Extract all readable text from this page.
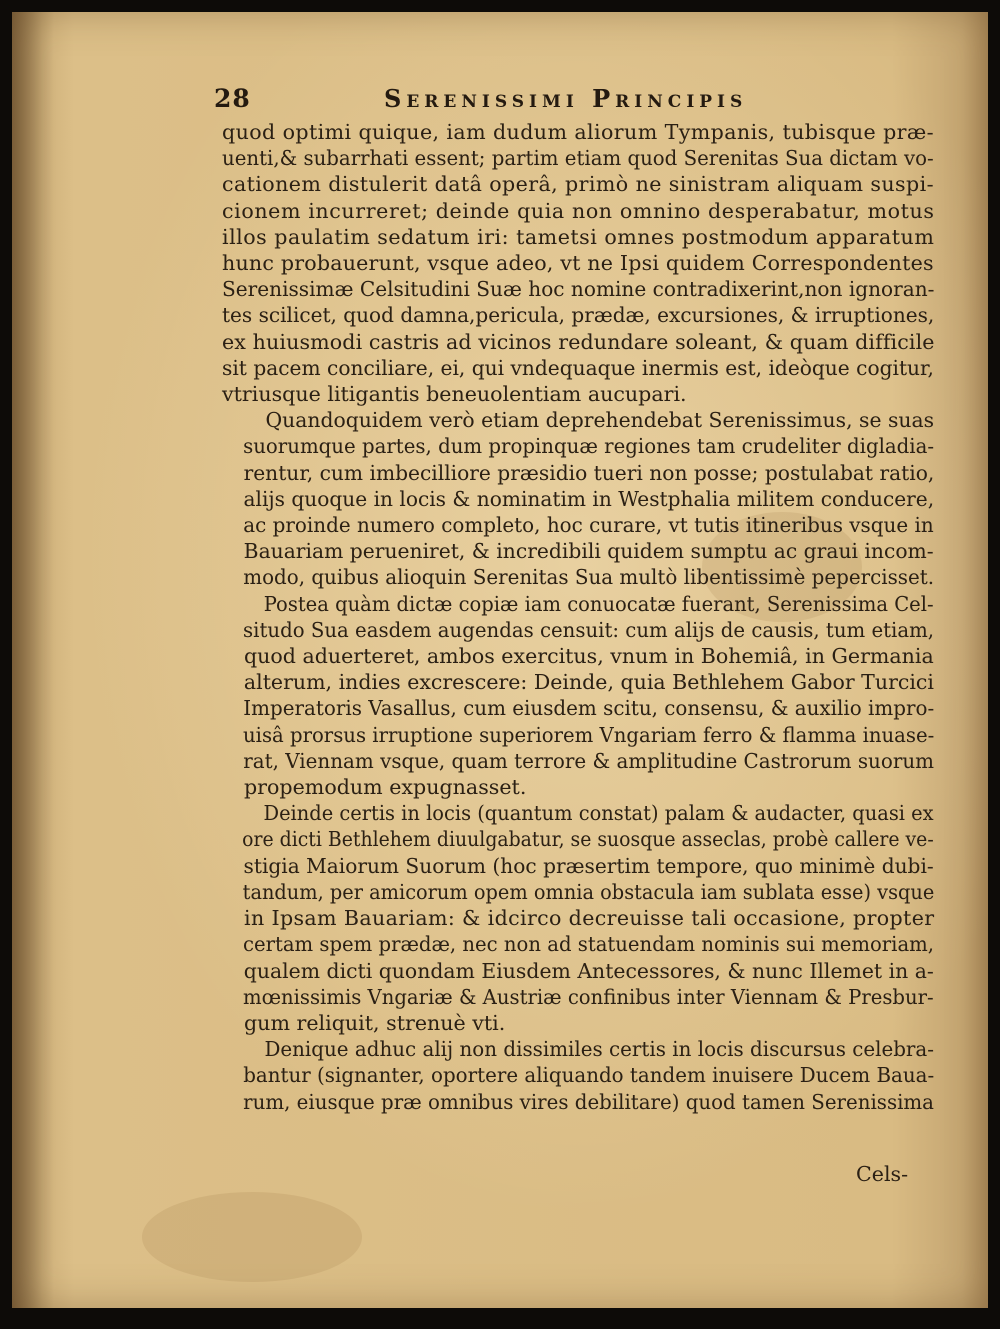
28	Serenissimi Principis

quod optimi quique, iam dudum aliorum Tympanis, tubisque præ-
uenti,& subarrhati essent; partim etiam quod Serenitas Sua dictam vo-
cationem distulerit datâ operâ, primò ne sinistram aliquam suspi-
cionem incurreret; deinde quia non omnino desperabatur, motus
illos paulatim sedatum iri: tametsi omnes postmodum apparatum
hunc probauerunt, vsque adeo, vt ne Ipsi quidem Correspondentes
Serenissimæ Celsitudini Suæ hoc nomine contradixerint,non ignoran-
tes scilicet, quod damna,pericula, prædæ, excursiones, & irruptiones,
ex huiusmodi castris ad vicinos redundare soleant, & quam difficile
sit pacem conciliare, ei, qui vndequaque inermis est, ideòque cogitur,
vtriusque litigantis beneuolentiam aucupari.

Quandoquidem verò etiam deprehendebat Serenissimus, se suas
suorumque partes, dum propinquæ regiones tam crudeliter digladia-
rentur, cum imbecilliore præsidio tueri non posse; postulabat ratio,
alijs quoque in locis & nominatim in Westphalia militem conducere,
ac proinde numero completo, hoc curare, vt tutis itineribus vsque in
Bauariam perueniret, & incredibili quidem sumptu ac graui incom-
modo, quibus alioquin Serenitas Sua multò libentissimè pepercisset.

Postea quàm dictæ copiæ iam conuocatæ fuerant, Serenissima Cel-
situdo Sua easdem augendas censuit: cum alijs de causis, tum etiam,
quod aduerteret, ambos exercitus, vnum in Bohemiâ, in Germania
alterum, indies excrescere: Deinde, quia Bethlehem Gabor Turcici
Imperatoris Vasallus, cum eiusdem scitu, consensu, & auxilio impro-
uisâ prorsus irruptione superiorem Vngariam ferro & flamma inuase-
rat, Viennam vsque, quam terrore & amplitudine Castrorum suorum
propemodum expugnasset.

Deinde certis in locis (quantum constat) palam & audacter, quasi ex
ore dicti Bethlehem diuulgabatur, se suosque asseclas, probè callere ve-
stigia Maiorum Suorum (hoc præsertim tempore, quo minimè dubi-
tandum, per amicorum opem omnia obstacula iam sublata esse) vsque
in Ipsam Bauariam: & idcirco decreuisse tali occasione, propter
certam spem prædæ, nec non ad statuendam nominis sui memoriam,
qualem dicti quondam Eiusdem Antecessores, & nunc Illemet in a-
mœnissimis Vngariæ & Austriæ confinibus inter Viennam & Presbur-
gum reliquit, strenuè vti.

Denique adhuc alij non dissimiles certis in locis discursus celebra-
bantur (signanter, oportere aliquando tandem inuisere Ducem Baua-
rum, eiusque præ omnibus vires debilitare) quod tamen Serenissima

Cels-
